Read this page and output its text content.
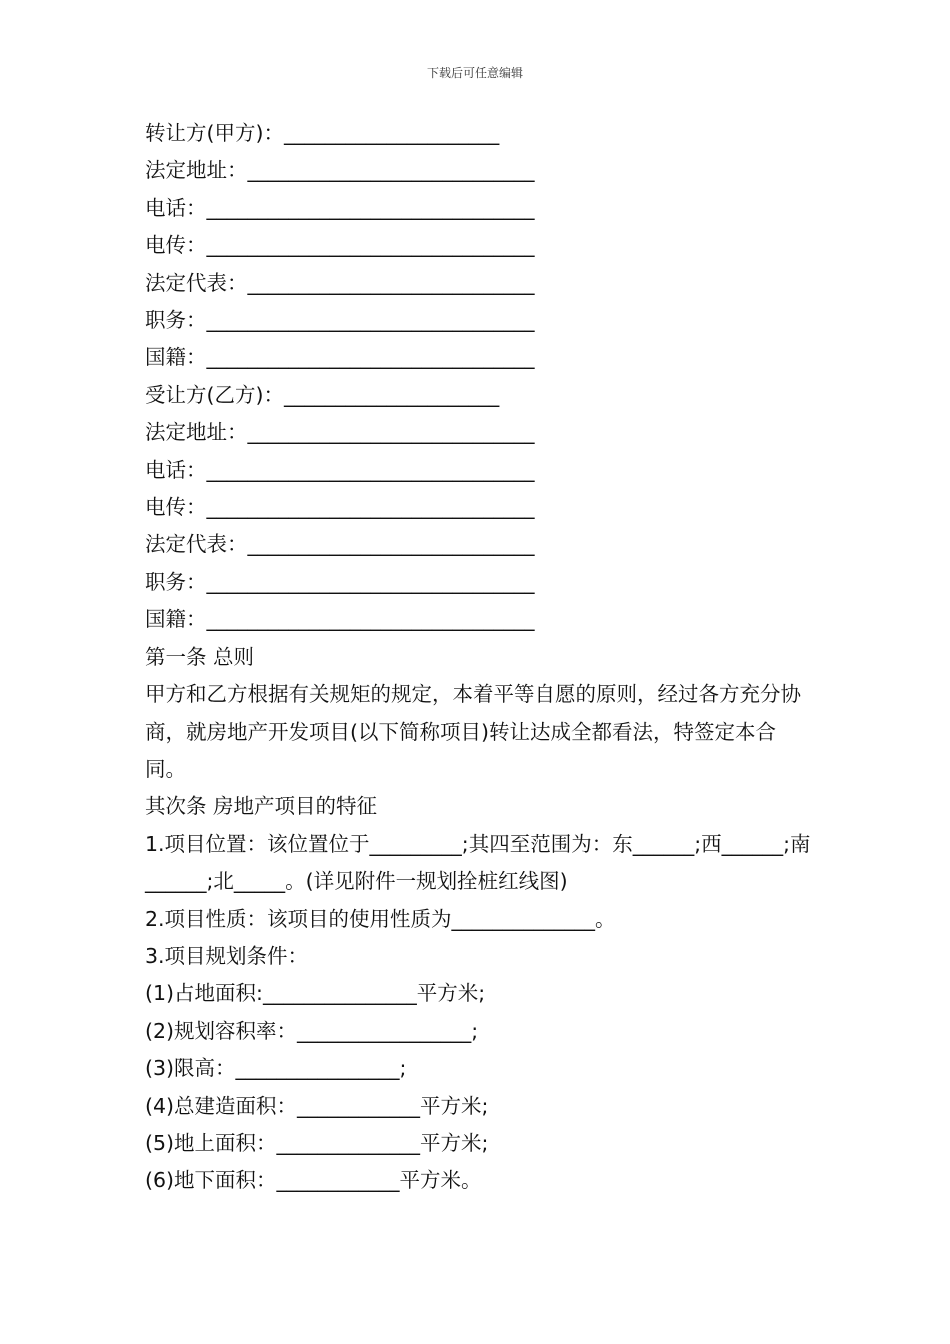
下载后可任意编辑
转让方(甲方)：_____________________
法定地址：____________________________
电话：________________________________
电传：________________________________
法定代表：____________________________
职务：________________________________
国籍：________________________________
受让方(乙方)：_____________________
法定地址：____________________________
电话：________________________________
电传：________________________________
法定代表：____________________________
职务：________________________________
国籍：________________________________
第一条 总则
甲方和乙方根据有关规矩的规定，本着平等自愿的原则，经过各方充分协商，就房地产开发项目(以下简称项目)转让达成全都看法，特签定本合同。
其次条 房地产项目的特征
1.项目位置：该位置位于_________;其四至范围为：东______;西______;南______;北_____。(详见附件一规划拴桩红线图)
2.项目性质：该项目的使用性质为______________。
3.项目规划条件：
(1)占地面积:_______________平方米;
(2)规划容积率：_________________;
(3)限高：________________;
(4)总建造面积：____________平方米;
(5)地上面积：______________平方米;
(6)地下面积：____________平方米。
